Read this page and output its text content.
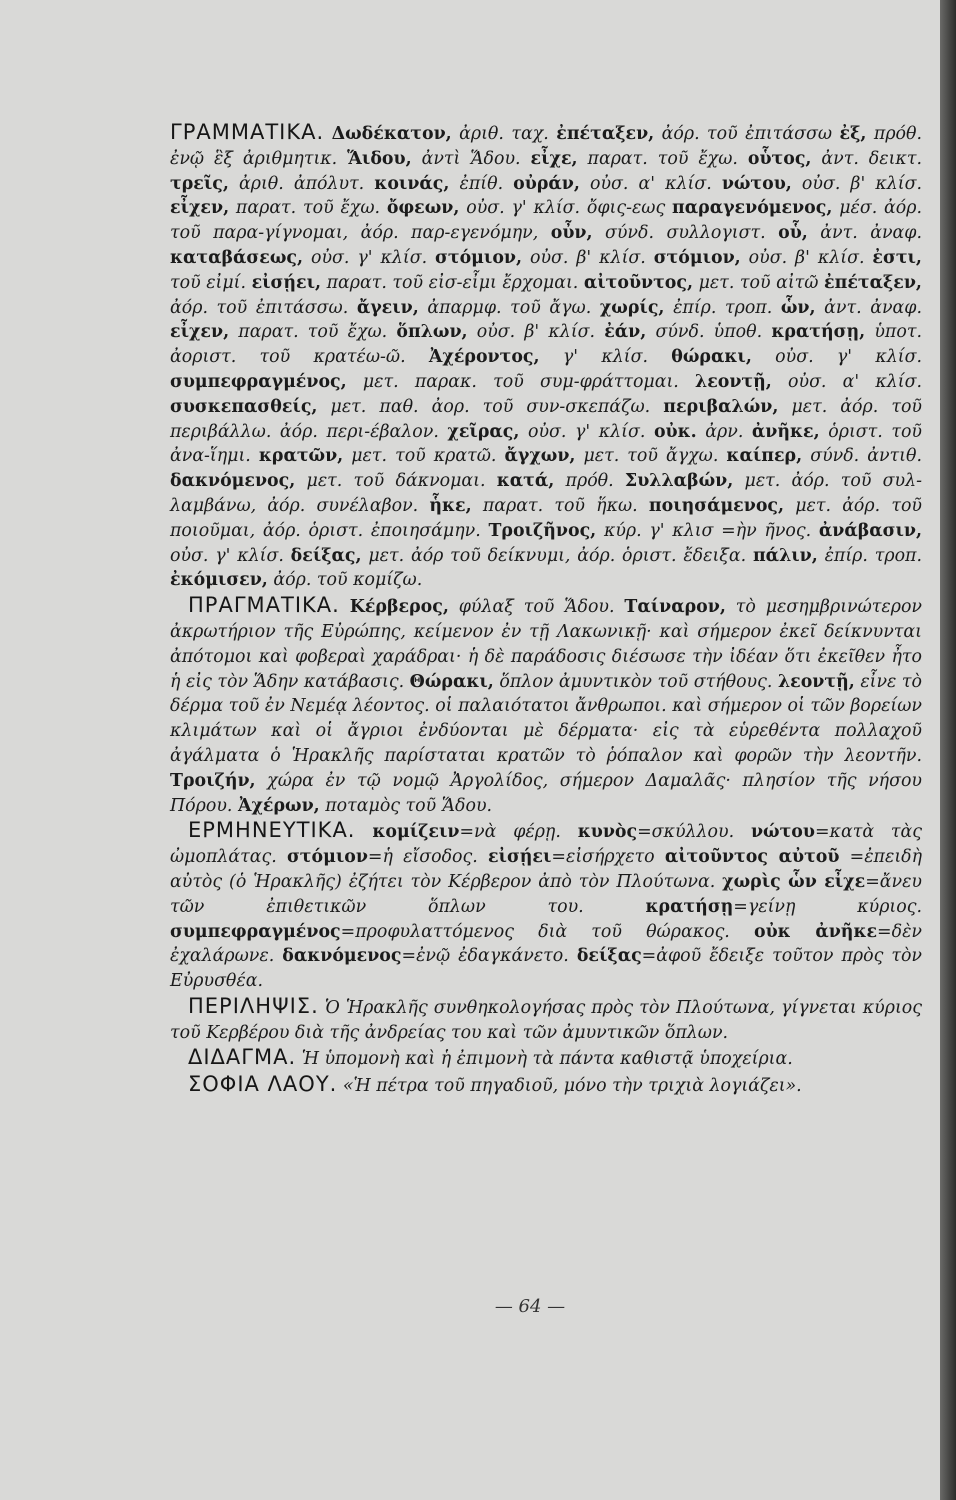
ΓΡΑΜΜΑΤΙΚΑ. Δωδέκατον, ἀριθ. ταχ. ἐπέταξεν, ἀόρ. τοῦ ἐπιτάσσω ἐξ, πρόθ. ἐνῷ ἓξ ἀριθμητικ. Ἅιδου, ἀντὶ Ἅδου. εἶχε, παρατ. τοῦ ἔχω. οὗτος, ἀντ. δεικτ. τρεῖς, ἀριθ. ἀπόλυτ. κοινάς, ἐπίθ. οὐράν, οὐσ. α' κλίσ. νώτου, οὐσ. β' κλίσ. εἶχεν, παρατ. τοῦ ἔχω. ὄφεων, οὐσ. γ' κλίσ. ὄφις-εως παραγενόμενος, μέσ. ἀόρ. τοῦ παρα-γίγνομαι, ἀόρ. παρ-εγενόμην, οὖν, σύνδ. συλλογιστ. οὗ, ἀντ. ἀναφ. καταβάσεως, οὐσ. γ' κλίσ. στόμιον, οὐσ. β' κλίσ. στόμιον, οὐσ. β' κλίσ. ἐστι, τοῦ εἰμί. εἰσῄει, παρατ. τοῦ εἰσ-εἶμι ἔρχομαι. αἰτοῦντος, μετ. τοῦ αἰτῶ ἐπέταξεν, ἀόρ. τοῦ ἐπιτάσσω. ἄγειν, ἀπαρμφ. τοῦ ἄγω. χωρίς, ἐπίρ. τροπ. ὧν, ἀντ. ἀναφ. εἶχεν, παρατ. τοῦ ἔχω. ὅπλων, οὐσ. β' κλίσ. ἐάν, σύνδ. ὑποθ. κρατήσῃ, ὑποτ. ἀοριστ. τοῦ κρατέω-ῶ. Ἀχέροντος, γ' κλίσ. θώρακι, οὐσ. γ' κλίσ. συμπεφραγμένος, μετ. παρακ. τοῦ συμ-φράττομαι. λεοντῇ, οὐσ. α' κλίσ. συσκεπασθείς, μετ. παθ. ἀορ. τοῦ συν-σκεπάζω. περιβαλών, μετ. ἀόρ. τοῦ περιβάλλω. ἀόρ. περι-έβαλον. χεῖρας, οὐσ. γ' κλίσ. οὐκ. ἀρν. ἀνῆκε, ὁριστ. τοῦ ἀνα-ἵημι. κρατῶν, μετ. τοῦ κρατῶ. ἄγχων, μετ. τοῦ ἄγχω. καίπερ, σύνδ. ἀντιθ. δακνόμενος, μετ. τοῦ δάκνομαι. κατά, πρόθ. Συλλαβών, μετ. ἀόρ. τοῦ συλ-λαμβάνω, ἀόρ. συνέλαβον. ἧκε, παρατ. τοῦ ἥκω. ποιησάμενος, μετ. ἀόρ. τοῦ ποιοῦμαι, ἀόρ. ὁριστ. ἐποιησάμην. Τροιζῆνος, κύρ. γ' κλισ =ὴν ῆνος. ἀνάβασιν, οὐσ. γ' κλίσ. δείξας, μετ. ἀόρ τοῦ δείκνυμι, ἀόρ. ὁριστ. ἔδειξα. πάλιν, ἐπίρ. τροπ. ἐκόμισεν, ἀόρ. τοῦ κομίζω.

ΠΡΑΓΜΑΤΙΚΑ. Κέρβερος, φύλαξ τοῦ Ἅδου. Ταίναρον, τὸ μεσημβρινώτερον ἀκρωτήριον τῆς Εὐρώπης, κείμενον ἐν τῇ Λακωνικῇ· καὶ σήμερον ἐκεῖ δείκνυνται ἀπότομοι καὶ φοβεραὶ χαράδραι· ἡ δὲ παράδοσις διέσωσε τὴν ἰδέαν ὅτι ἐκεῖθεν ἦτο ἡ εἰς τὸν Ἅδην κατάβασις. Θώρακι, ὅπλον ἀμυντικὸν τοῦ στήθους. λεοντῇ, εἶνε τὸ δέρμα τοῦ ἐν Νεμέᾳ λέοντος. οἱ παλαιότατοι ἄνθρωποι. καὶ σήμερον οἱ τῶν βορείων κλιμάτων καὶ οἱ ἄγριοι ἐνδύονται μὲ δέρματα· εἰς τὰ εὑρεθέντα πολλαχοῦ ἀγάλματα ὁ Ἡρακλῆς παρίσταται κρατῶν τὸ ῥόπαλον καὶ φορῶν τὴν λεοντῆν. Τροιζήν, χώρα ἐν τῷ νομῷ Ἀργολίδος, σήμερον Δαμαλᾶς· πλησίον τῆς νήσου Πόρου. Ἀχέρων, ποταμὸς τοῦ Ἅδου.

ΕΡΜΗΝΕΥΤΙΚΑ. κομίζειν=νὰ φέρῃ. κυνὸς=σκύλλου. νώτου=κατὰ τὰς ὠμοπλάτας. στόμιον=ἡ εἴσοδος. εἰσῄει=εἰσήρχετο αἰτοῦντος αὐτοῦ =ἐπειδὴ αὐτὸς (ὁ Ἡρακλῆς) ἐζήτει τὸν Κέρβερον ἀπὸ τὸν Πλούτωνα. χωρὶς ὧν εἶχε=ἄνευ τῶν ἐπιθετικῶν ὅπλων του. κρατήσῃ=γείνῃ κύριος. συμπεφραγμένος=προφυλαττόμενος διὰ τοῦ θώρακος. οὐκ ἀνῆκε=δὲν ἐχαλάρωνε. δακνόμενος=ἐνῷ ἐδαγκάνετο. δείξας=ἀφοῦ ἔδειξε τοῦτον πρὸς τὸν Εὐρυσθέα.

ΠΕΡΙΛΗΨΙΣ. Ὁ Ἡρακλῆς συνθηκολογήσας πρὸς τὸν Πλούτωνα, γίγνεται κύριος τοῦ Κερβέρου διὰ τῆς ἀνδρείας του καὶ τῶν ἀμυντικῶν ὅπλων.

ΔΙΔΑΓΜΑ. Ἡ ὑπομονὴ καὶ ἡ ἐπιμονὴ τὰ πάντα καθιστᾷ ὑποχείρια.

ΣΟΦΙΑ ΛΑΟΥ. «Ἡ πέτρα τοῦ πηγαδιοῦ, μόνο τὴν τριχιὰ λογιάζει».

— 64 —
